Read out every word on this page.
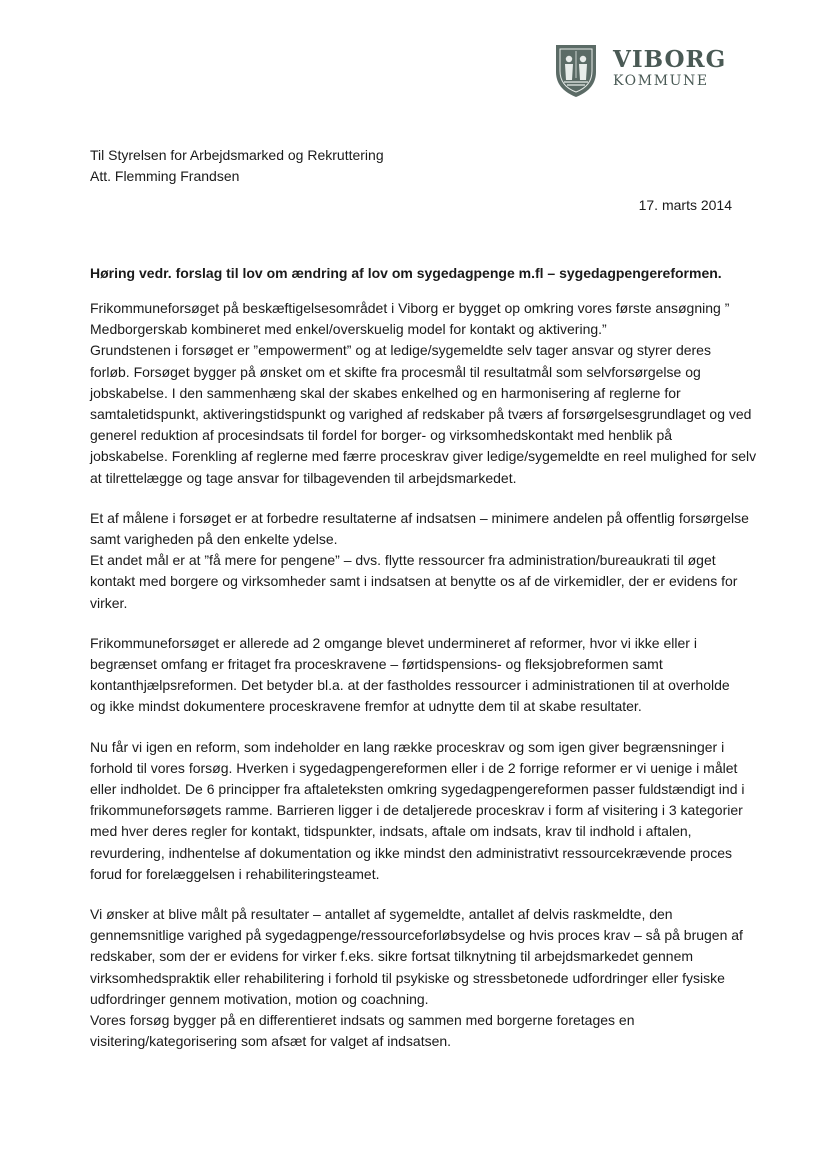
VIBORG
KOMMUNE
Til Styrelsen for Arbejdsmarked og Rekruttering
Att. Flemming Frandsen
17. marts 2014
Høring vedr. forslag til lov om ændring af lov om sygedagpenge m.fl – sygedagpengereformen.
Frikommuneforsøget på beskæftigelsesområdet i Viborg er bygget op omkring vores første ansøgning ”
Medborgerskab kombineret med enkel/overskuelig model for kontakt og aktivering.”
Grundstenen i forsøget er ”empowerment” og at ledige/sygemeldte selv tager ansvar og styrer deres
forløb. Forsøget bygger på ønsket om et skifte fra procesmål til resultatmål som selvforsørgelse og
jobskabelse. I den sammenhæng skal der skabes enkelhed og en harmonisering af reglerne for
samtaletidspunkt, aktiveringstidspunkt og varighed af redskaber på tværs af forsørgelsesgrundlaget og ved
generel reduktion af procesindsats til fordel for borger- og virksomhedskontakt med henblik på
jobskabelse. Forenkling af reglerne med færre proceskrav giver ledige/sygemeldte en reel mulighed for selv
at tilrettelægge og tage ansvar for tilbagevenden til arbejdsmarkedet.
Et af målene i forsøget er at forbedre resultaterne af indsatsen – minimere andelen på offentlig forsørgelse
samt varigheden på den enkelte ydelse.
Et andet mål er at ”få mere for pengene” – dvs. flytte ressourcer fra administration/bureaukrati til øget
kontakt med borgere og virksomheder samt i indsatsen at benytte os af de virkemidler, der er evidens for
virker.
Frikommuneforsøget er allerede ad 2 omgange blevet undermineret af reformer, hvor vi ikke eller i
begrænset omfang er fritaget fra proceskravene – førtidspensions- og fleksjobreformen samt
kontanthjælpsreformen. Det betyder bl.a. at der fastholdes ressourcer i administrationen til at overholde
og ikke mindst dokumentere proceskravene fremfor at udnytte dem til at skabe resultater.
Nu får vi igen en reform, som indeholder en lang række proceskrav og som igen giver begrænsninger i
forhold til vores forsøg. Hverken i sygedagpengereformen eller i de 2 forrige reformer er vi uenige i målet
eller indholdet. De 6 principper fra aftaleteksten omkring sygedagpengereformen passer fuldstændigt ind i
frikommuneforsøgets ramme. Barrieren ligger i de detaljerede proceskrav i form af visitering i 3 kategorier
med hver deres regler for kontakt, tidspunkter, indsats, aftale om indsats, krav til indhold i aftalen,
revurdering, indhentelse af dokumentation og ikke mindst den administrativt ressourcekrævende proces
forud for forelæggelsen i rehabiliteringsteamet.
Vi ønsker at blive målt på resultater – antallet af sygemeldte, antallet af delvis raskmeldte, den
gennemsnitlige varighed på sygedagpenge/ressourceforløbsydelse og hvis proces krav – så på brugen af
redskaber, som der er evidens for virker f.eks. sikre fortsat tilknytning til arbejdsmarkedet gennem
virksomhedspraktik eller rehabilitering i forhold til psykiske og stressbetonede udfordringer eller fysiske
udfordringer gennem motivation, motion og coachning.
Vores forsøg bygger på en differentieret indsats og sammen med borgerne foretages en
visitering/kategorisering som afsæt for valget af indsatsen.
